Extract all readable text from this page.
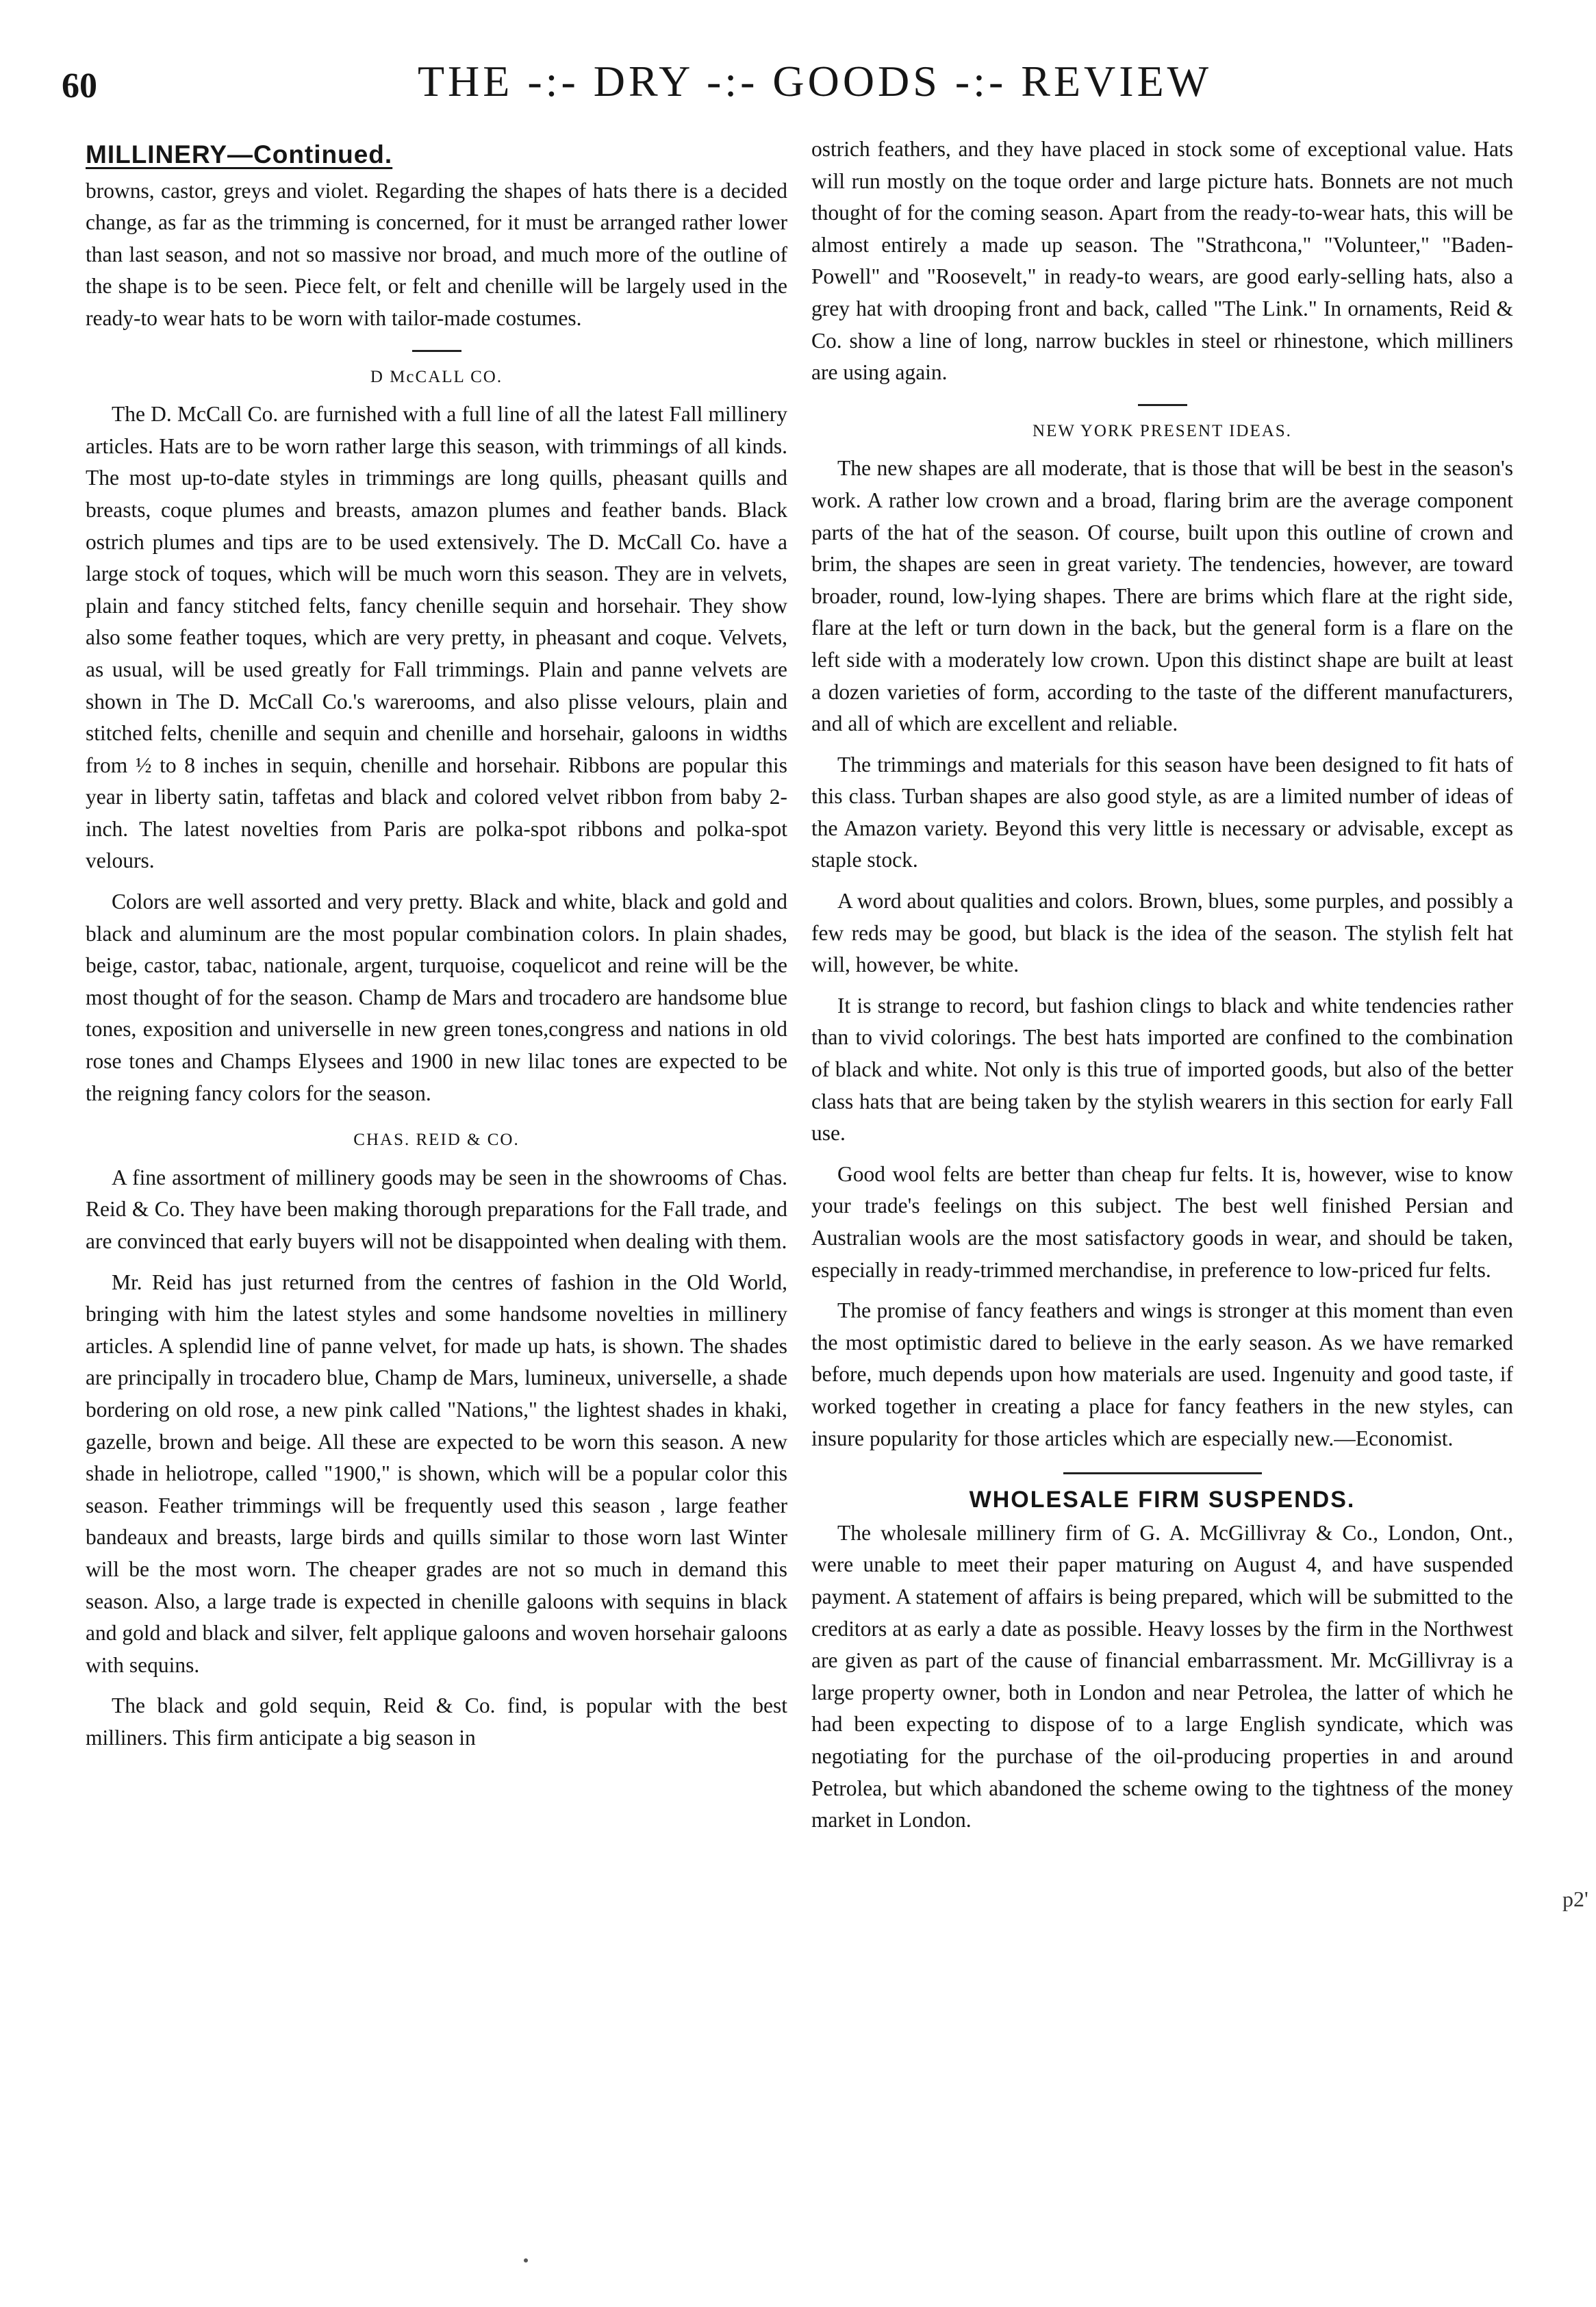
60	THE -:- DRY -:- GOODS -:- REVIEW
MILLINERY—Continued.

browns, castor, greys and violet. Regarding the shapes of hats there is a decided change, as far as the trimming is concerned, for it must be arranged rather lower than last season, and not so massive nor broad, and much more of the outline of the shape is to be seen. Piece felt, or felt and chenille will be largely used in the ready-to wear hats to be worn with tailor-made costumes.

D McCALL CO.

The D. McCall Co. are furnished with a full line of all the latest Fall millinery articles. Hats are to be worn rather large this season, with trimmings of all kinds. The most up-to-date styles in trimmings are long quills, pheasant quills and breasts, coque plumes and breasts, amazon plumes and feather bands. Black ostrich plumes and tips are to be used extensively. The D. McCall Co. have a large stock of toques, which will be much worn this season. They are in velvets, plain and fancy stitched felts, fancy chenille sequin and horsehair. They show also some feather toques, which are very pretty, in pheasant and coque. Velvets, as usual, will be used greatly for Fall trimmings. Plain and panne velvets are shown in The D. McCall Co.'s warerooms, and also plisse velours, plain and stitched felts, chenille and sequin and chenille and horsehair, galoons in widths from ½ to 8 inches in sequin, chenille and horsehair. Ribbons are popular this year in liberty satin, taffetas and black and colored velvet ribbon from baby 2-inch. The latest novelties from Paris are polka-spot ribbons and polka-spot velours.

Colors are well assorted and very pretty. Black and white, black and gold and black and aluminum are the most popular combination colors. In plain shades, beige, castor, tabac, nationale, argent, turquoise, coquelicot and reine will be the most thought of for the season. Champ de Mars and trocadero are handsome blue tones, exposition and universelle in new green tones,congress and nations in old rose tones and Champs Elysees and 1900 in new lilac tones are expected to be the reigning fancy colors for the season.

CHAS. REID & CO.

A fine assortment of millinery goods may be seen in the showrooms of Chas. Reid & Co. They have been making thorough preparations for the Fall trade, and are convinced that early buyers will not be disappointed when dealing with them.

Mr. Reid has just returned from the centres of fashion in the Old World, bringing with him the latest styles and some handsome novelties in millinery articles. A splendid line of panne velvet, for made up hats, is shown. The shades are principally in trocadero blue, Champ de Mars, lumineux, universelle, a shade bordering on old rose, a new pink called "Nations," the lightest shades in khaki, gazelle, brown and beige. All these are expected to be worn this season. A new shade in heliotrope, called "1900," is shown, which will be a popular color this season. Feather trimmings will be frequently used this season , large feather bandeaux and breasts, large birds and quills similar to those worn last Winter will be the most worn. The cheaper grades are not so much in demand this season. Also, a large trade is expected in chenille galoons with sequins in black and gold and black and silver, felt applique galoons and woven horsehair galoons with sequins.

The black and gold sequin, Reid & Co. find, is popular with the best milliners. This firm anticipate a big season in

ostrich feathers, and they have placed in stock some of exceptional value. Hats will run mostly on the toque order and large picture hats. Bonnets are not much thought of for the coming season. Apart from the ready-to-wear hats, this will be almost entirely a made up season. The "Strathcona," "Volunteer," "Baden-Powell" and "Roosevelt," in ready-to wears, are good early-selling hats, also a grey hat with drooping front and back, called "The Link." In ornaments, Reid & Co. show a line of long, narrow buckles in steel or rhinestone, which milliners are using again.

NEW YORK PRESENT IDEAS.

The new shapes are all moderate, that is those that will be best in the season's work. A rather low crown and a broad, flaring brim are the average component parts of the hat of the season. Of course, built upon this outline of crown and brim, the shapes are seen in great variety. The tendencies, however, are toward broader, round, low-lying shapes. There are brims which flare at the right side, flare at the left or turn down in the back, but the general form is a flare on the left side with a moderately low crown. Upon this distinct shape are built at least a dozen varieties of form, according to the taste of the different manufacturers, and all of which are excellent and reliable.

The trimmings and materials for this season have been designed to fit hats of this class. Turban shapes are also good style, as are a limited number of ideas of the Amazon variety. Beyond this very little is necessary or advisable, except as staple stock.

A word about qualities and colors. Brown, blues, some purples, and possibly a few reds may be good, but black is the idea of the season. The stylish felt hat will, however, be white.

It is strange to record, but fashion clings to black and white tendencies rather than to vivid colorings. The best hats imported are confined to the combination of black and white. Not only is this true of imported goods, but also of the better class hats that are being taken by the stylish wearers in this section for early Fall use.

Good wool felts are better than cheap fur felts. It is, however, wise to know your trade's feelings on this subject. The best well finished Persian and Australian wools are the most satisfactory goods in wear, and should be taken, especially in ready-trimmed merchandise, in preference to low-priced fur felts.

The promise of fancy feathers and wings is stronger at this moment than even the most optimistic dared to believe in the early season. As we have remarked before, much depends upon how materials are used. Ingenuity and good taste, if worked together in creating a place for fancy feathers in the new styles, can insure popularity for those articles which are especially new.—Economist.

WHOLESALE FIRM SUSPENDS.

The wholesale millinery firm of G. A. McGillivray & Co., London, Ont., were unable to meet their paper maturing on August 4, and have suspended payment. A statement of affairs is being prepared, which will be submitted to the creditors at as early a date as possible. Heavy losses by the firm in the Northwest are given as part of the cause of financial embarrassment. Mr. McGillivray is a large property owner, both in London and near Petrolea, the latter of which he had been expecting to dispose of to a large English syndicate, which was negotiating for the purchase of the oil-producing properties in and around Petrolea, but which abandoned the scheme owing to the tightness of the money market in London.

p2'
